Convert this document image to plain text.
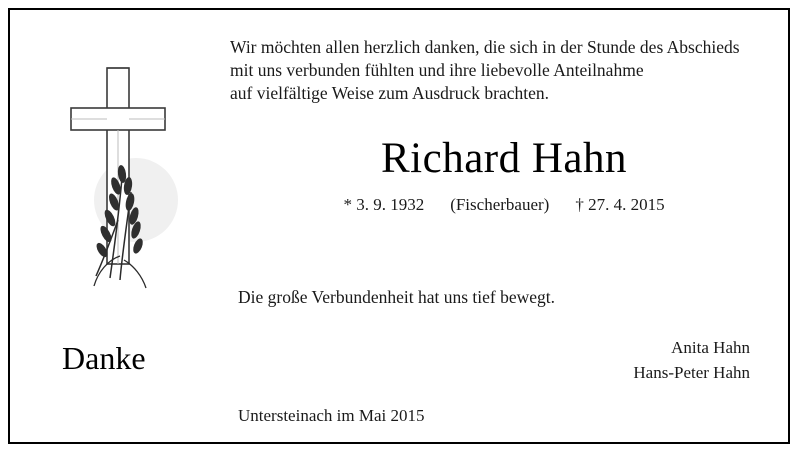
Wir möchten allen herzlich danken, die sich in der Stunde des Abschieds
mit uns verbunden fühlten und ihre liebevolle Anteilnahme
auf vielfältige Weise zum Ausdruck brachten.
Richard Hahn
* 3. 9. 1932 (Fischerbauer) † 27. 4. 2015
Die große Verbundenheit hat uns tief bewegt.
Danke	Anita Hahn
Hans-Peter Hahn
Untersteinach im Mai 2015
